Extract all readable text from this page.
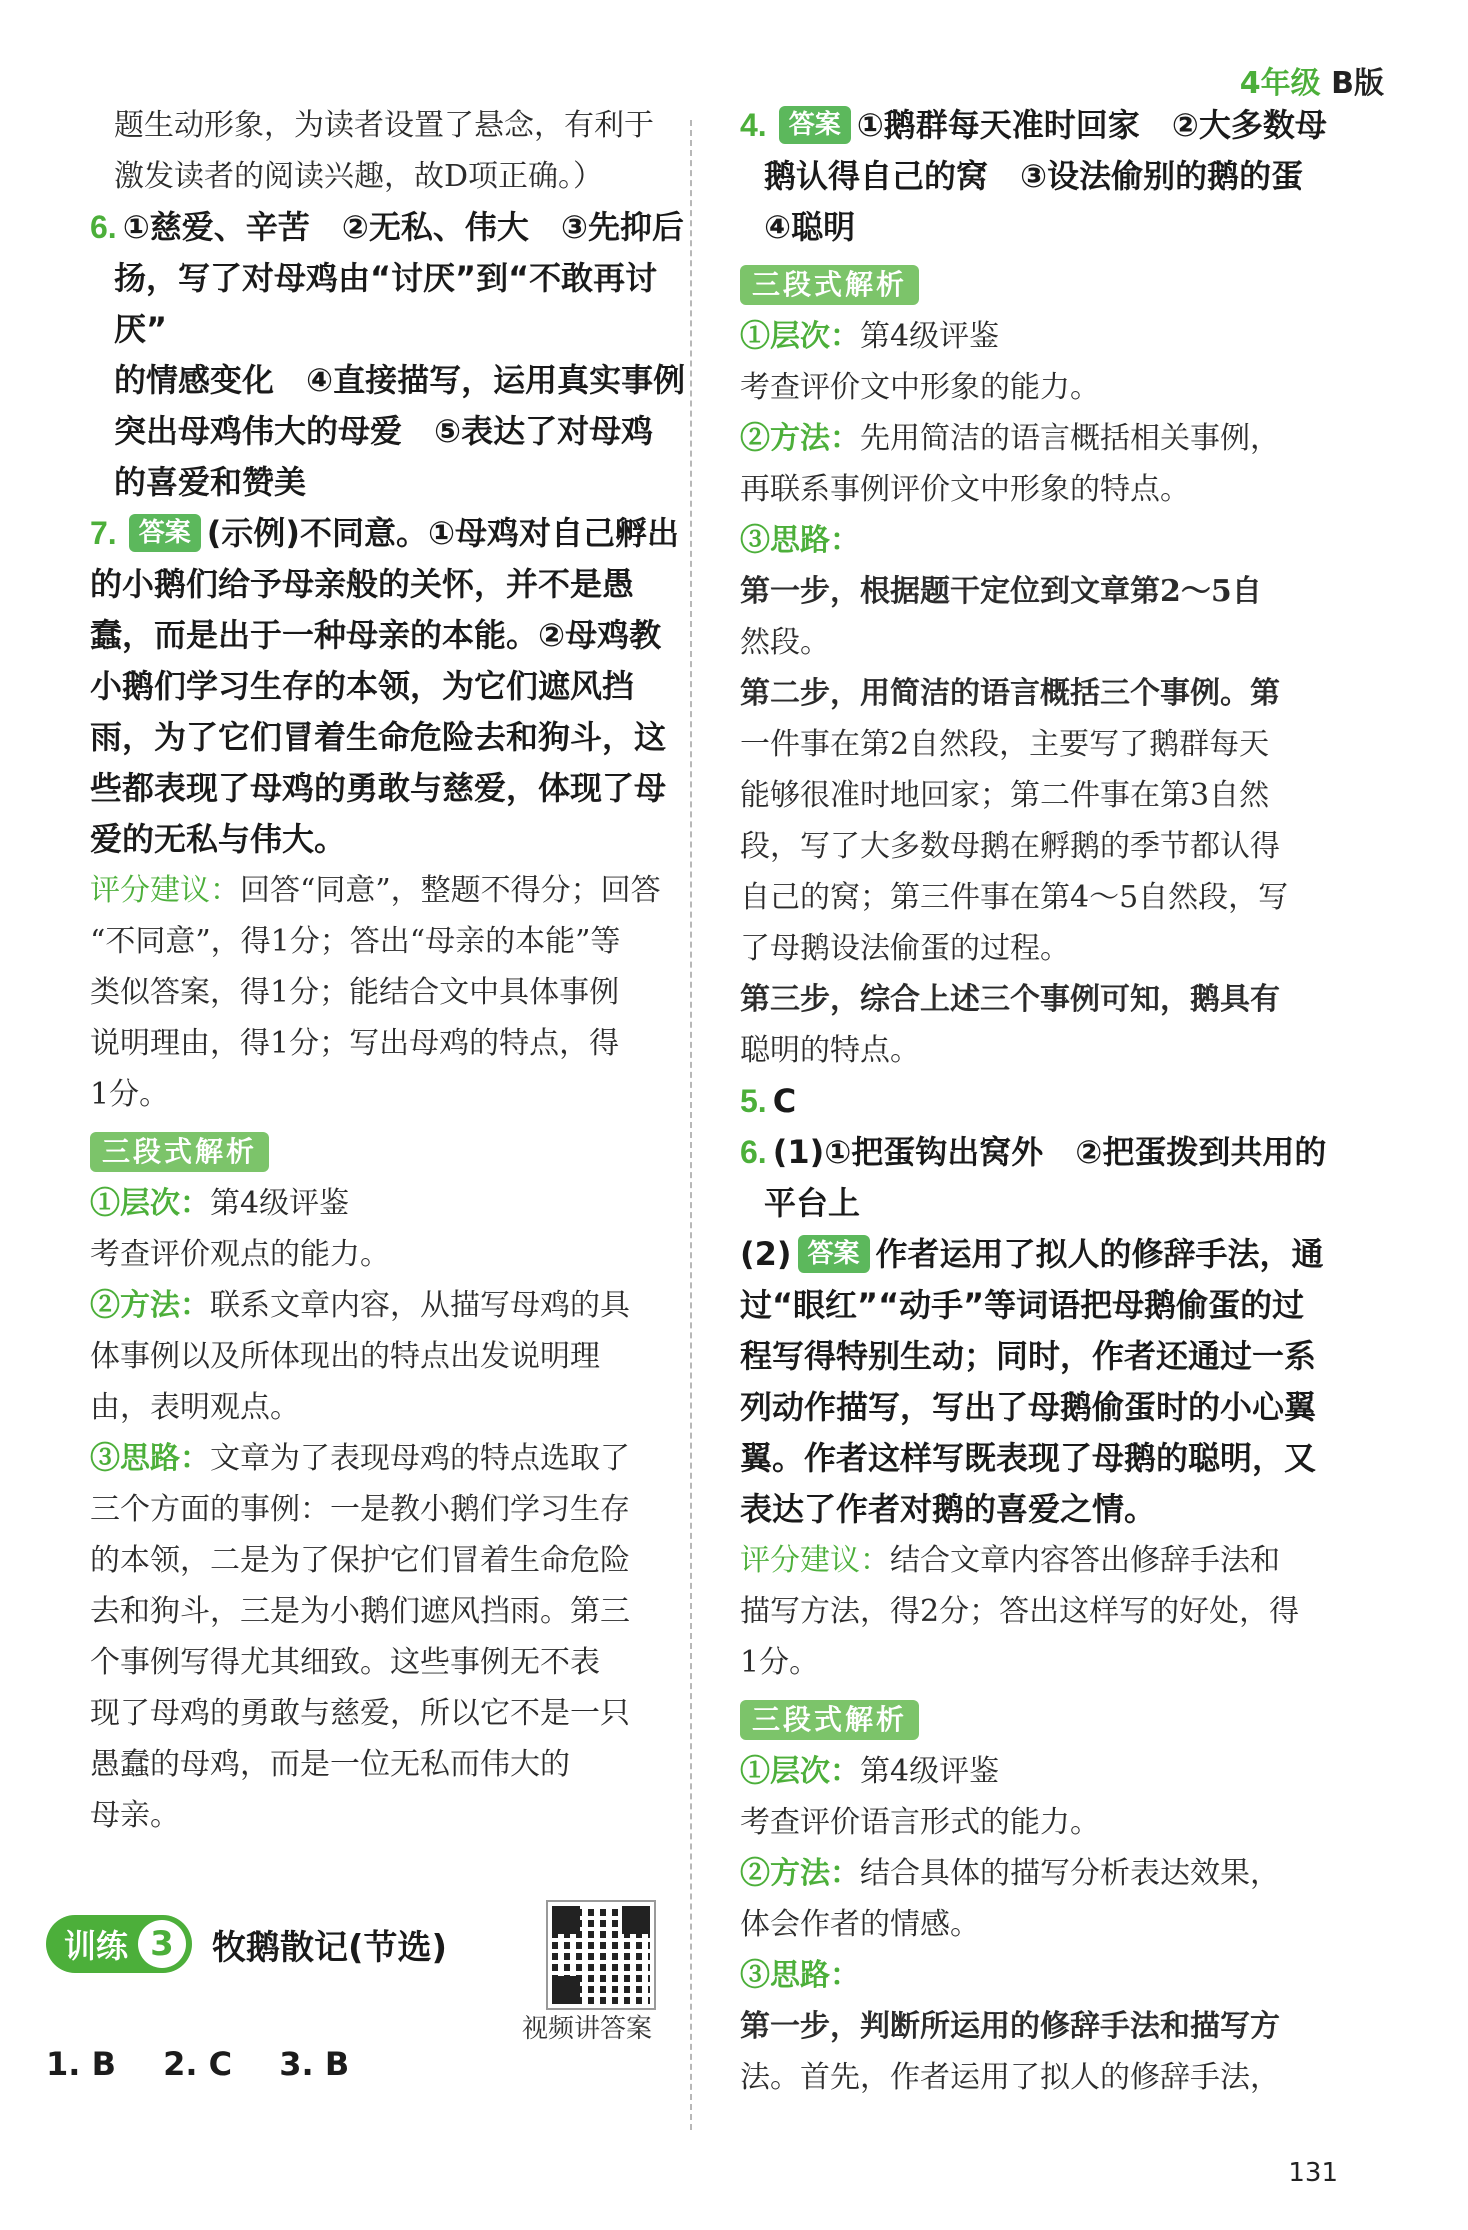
4年级 B版

题生动形象，为读者设置了悬念，有利于

激发读者的阅读兴趣，故D项正确。）

6. ①慈爱、辛苦　②无私、伟大　③先抑后

扬，写了对母鸡由“讨厌”到“不敢再讨厌”

的情感变化　④直接描写，运用真实事例

突出母鸡伟大的母爱　⑤表达了对母鸡

的喜爱和赞美

7. 答案 (示例)不同意。①母鸡对自己孵出

的小鹅们给予母亲般的关怀，并不是愚

蠢，而是出于一种母亲的本能。②母鸡教

小鹅们学习生存的本领，为它们遮风挡

雨，为了它们冒着生命危险去和狗斗，这

些都表现了母鸡的勇敢与慈爱，体现了母

爱的无私与伟大。

评分建议：回答“同意”，整题不得分；回答

“不同意”，得1分；答出“母亲的本能”等

类似答案，得1分；能结合文中具体事例

说明理由，得1分；写出母鸡的特点，得

1分。

三段式解析

①层次：第4级评鉴

考查评价观点的能力。

②方法：联系文章内容，从描写母鸡的具

体事例以及所体现出的特点出发说明理

由，表明观点。

③思路：文章为了表现母鸡的特点选取了

三个方面的事例：一是教小鹅们学习生存

的本领，二是为了保护它们冒着生命危险

去和狗斗，三是为小鹅们遮风挡雨。第三

个事例写得尤其细致。这些事例无不表

现了母鸡的勇敢与慈爱，所以它不是一只

愚蠢的母鸡，而是一位无私而伟大的

母亲。

训练 3	牧鹅散记(节选)
视频讲答案
1. B 2. C 3. B

4. 答案 ①鹅群每天准时回家　②大多数母

鹅认得自己的窝　③设法偷别的鹅的蛋

④聪明

三段式解析

①层次：第4级评鉴

考查评价文中形象的能力。

②方法：先用简洁的语言概括相关事例，

再联系事例评价文中形象的特点。

③思路：

第一步，根据题干定位到文章第2～5自

然段。

第二步，用简洁的语言概括三个事例。第

一件事在第2自然段，主要写了鹅群每天

能够很准时地回家；第二件事在第3自然

段，写了大多数母鹅在孵鹅的季节都认得

自己的窝；第三件事在第4～5自然段，写

了母鹅设法偷蛋的过程。

第三步，综合上述三个事例可知，鹅具有

聪明的特点。

5. C

6. (1)①把蛋钩出窝外　②把蛋拨到共用的

平台上

(2) 答案 作者运用了拟人的修辞手法，通

过“眼红”“动手”等词语把母鹅偷蛋的过

程写得特别生动；同时，作者还通过一系

列动作描写，写出了母鹅偷蛋时的小心翼

翼。作者这样写既表现了母鹅的聪明，又

表达了作者对鹅的喜爱之情。

评分建议：结合文章内容答出修辞手法和

描写方法，得2分；答出这样写的好处，得

1分。

三段式解析

①层次：第4级评鉴

考查评价语言形式的能力。

②方法：结合具体的描写分析表达效果，

体会作者的情感。

③思路：

第一步，判断所运用的修辞手法和描写方

法。首先，作者运用了拟人的修辞手法，

131
